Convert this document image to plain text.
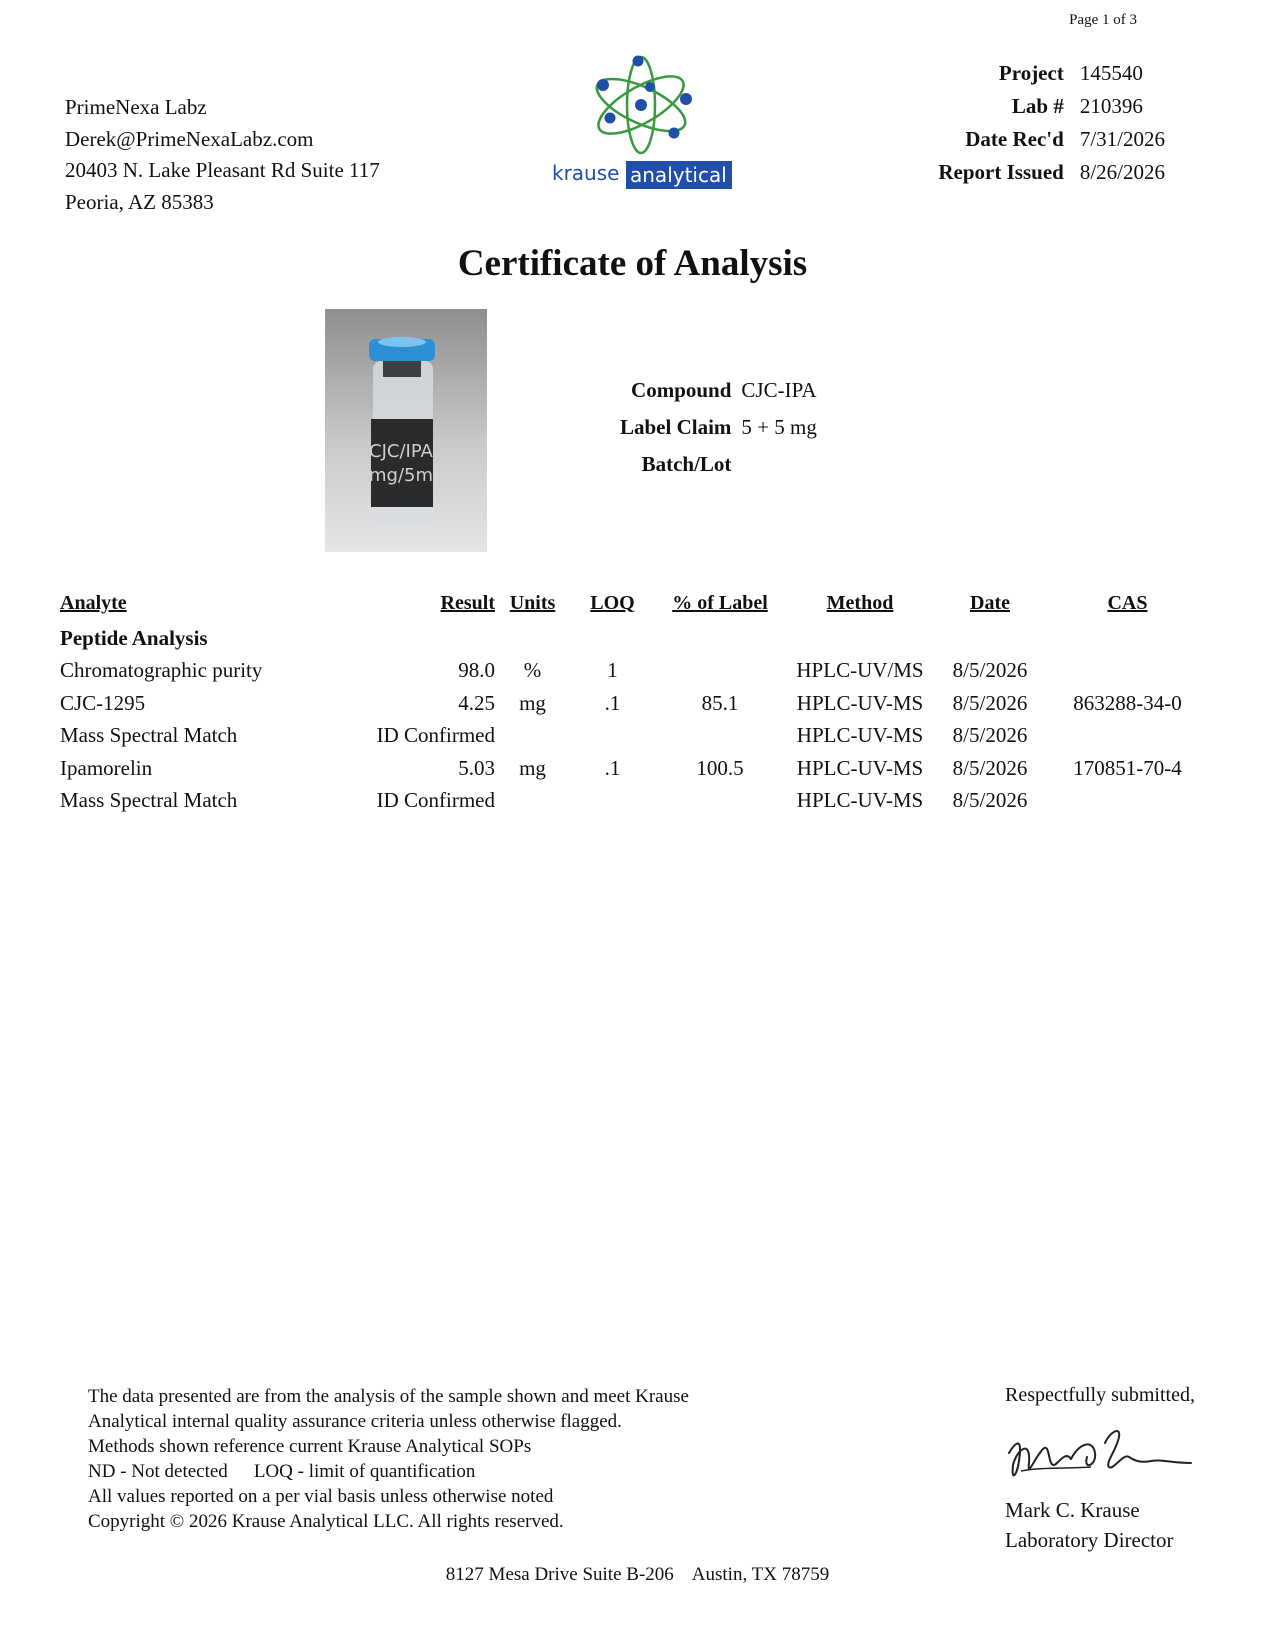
Page 1 of 3
PrimeNexa Labz
Derek@PrimeNexaLabz.com
20403 N. Lake Pleasant Rd Suite 117
Peoria, AZ 85383
krause analytical
Project	145540
Lab #	210396
Date Rec'd	7/31/2026
Report Issued	8/26/2026
Certificate of Analysis
CJC/IPA
mg/5m
Compound	CJC-IPA
Label Claim	5 + 5 mg
Batch/Lot	
Analyte	Result	Units	LOQ	% of Label	Method	Date	CAS
Peptide Analysis							
Chromatographic purity	98.0	%	1		HPLC-UV/MS	8/5/2026	
CJC-1295	4.25	mg	.1	85.1	HPLC-UV-MS	8/5/2026	863288-34-0
Mass Spectral Match	ID Confirmed				HPLC-UV-MS	8/5/2026	
Ipamorelin	5.03	mg	.1	100.5	HPLC-UV-MS	8/5/2026	170851-70-4
Mass Spectral Match	ID Confirmed				HPLC-UV-MS	8/5/2026	
The data presented are from the analysis of the sample shown and meet Krause
Analytical internal quality assurance criteria unless otherwise flagged.
Methods shown reference current Krause Analytical SOPs
ND - Not detected LOQ - limit of quantification
All values reported on a per vial basis unless otherwise noted
Copyright © 2026 Krause Analytical LLC. All rights reserved.
Respectfully submitted,
Mark C. Krause
Laboratory Director
8127 Mesa Drive Suite B-206 Austin, TX 78759
